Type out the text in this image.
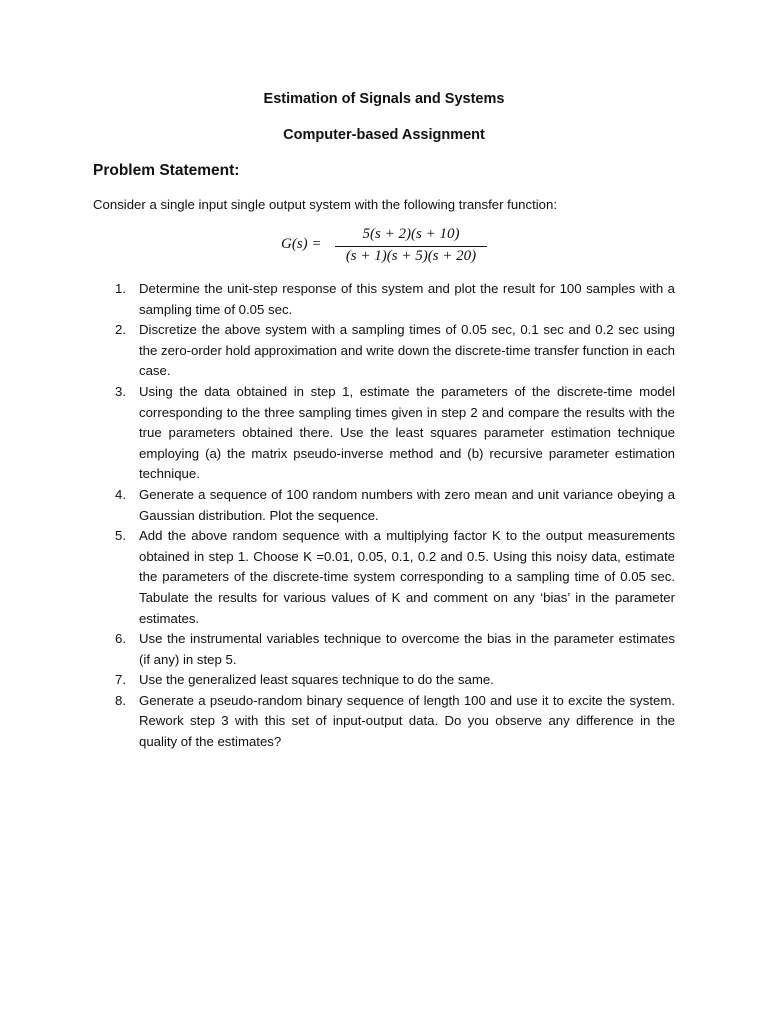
Estimation of Signals and Systems
Computer-based Assignment
Problem Statement:
Consider a single input single output system with the following transfer function:
G(s) =
5(s + 2)(s + 10)
(s + 1)(s + 5)(s + 20)
1. Determine the unit-step response of this system and plot the result for 100 samples with a sampling time of 0.05 sec.
2. Discretize the above system with a sampling times of 0.05 sec, 0.1 sec and 0.2 sec using the zero-order hold approximation and write down the discrete-time transfer function in each case.
3. Using the data obtained in step 1, estimate the parameters of the discrete-time model corresponding to the three sampling times given in step 2 and compare the results with the true parameters obtained there. Use the least squares parameter estimation technique employing (a) the matrix pseudo-inverse method and (b) recursive parameter estimation technique.
4. Generate a sequence of 100 random numbers with zero mean and unit variance obeying a Gaussian distribution. Plot the sequence.
5. Add the above random sequence with a multiplying factor K to the output measurements obtained in step 1. Choose K =0.01, 0.05, 0.1, 0.2 and 0.5. Using this noisy data, estimate the parameters of the discrete-time system corresponding to a sampling time of 0.05 sec. Tabulate the results for various values of K and comment on any ‘bias’ in the parameter estimates.
6. Use the instrumental variables technique to overcome the bias in the parameter estimates (if any) in step 5.
7. Use the generalized least squares technique to do the same.
8. Generate a pseudo-random binary sequence of length 100 and use it to excite the system. Rework step 3 with this set of input-output data. Do you observe any difference in the quality of the estimates?
